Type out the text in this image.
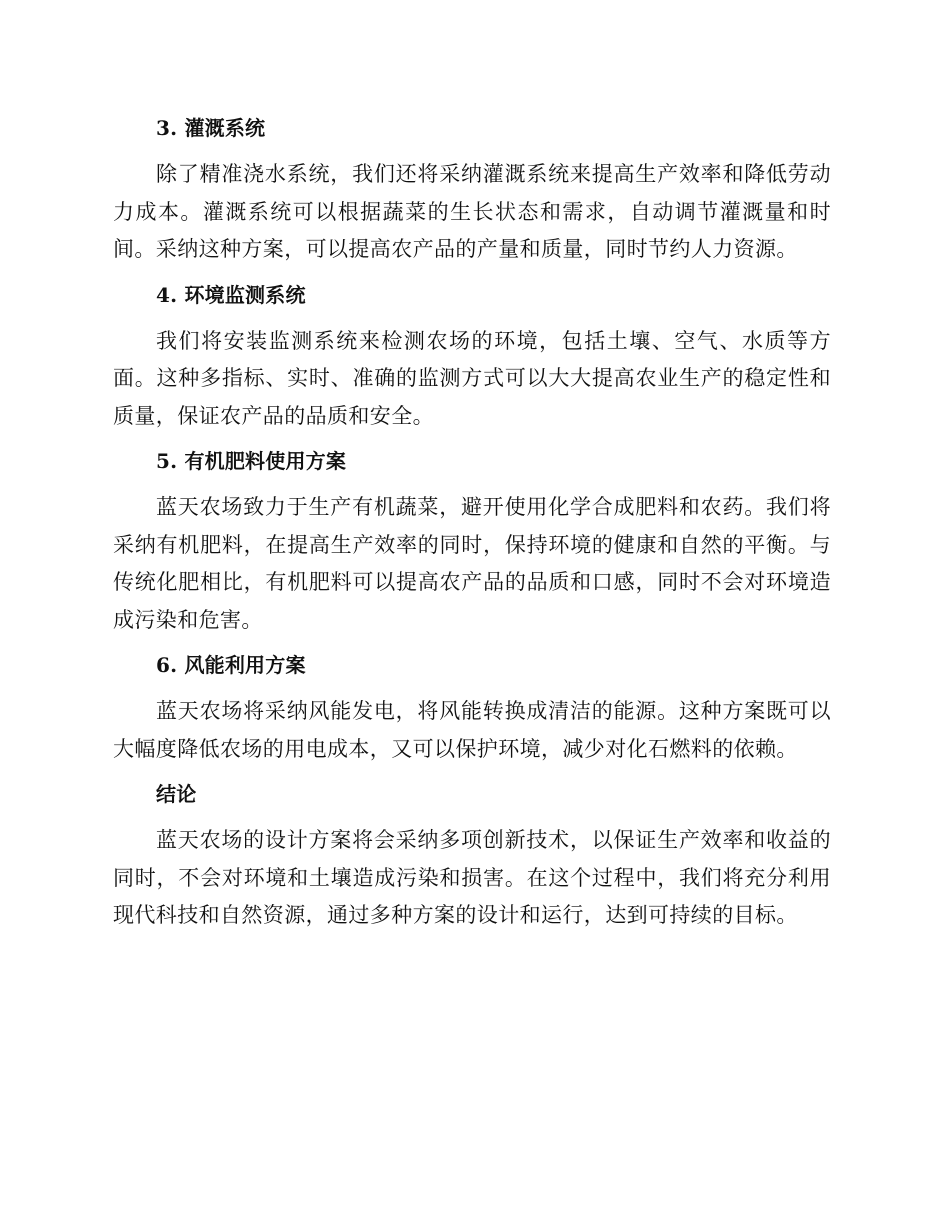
3. 灌溉系统

除了精准浇水系统，我们还将采纳灌溉系统来提高生产效率和降低劳动力成本。灌溉系统可以根据蔬菜的生长状态和需求，自动调节灌溉量和时间。采纳这种方案，可以提高农产品的产量和质量，同时节约人力资源。

4. 环境监测系统

我们将安装监测系统来检测农场的环境，包括土壤、空气、水质等方面。这种多指标、实时、准确的监测方式可以大大提高农业生产的稳定性和质量，保证农产品的品质和安全。

5. 有机肥料使用方案

蓝天农场致力于生产有机蔬菜，避开使用化学合成肥料和农药。我们将采纳有机肥料，在提高生产效率的同时，保持环境的健康和自然的平衡。与传统化肥相比，有机肥料可以提高农产品的品质和口感，同时不会对环境造成污染和危害。

6. 风能利用方案

蓝天农场将采纳风能发电，将风能转换成清洁的能源。这种方案既可以大幅度降低农场的用电成本，又可以保护环境，减少对化石燃料的依赖。

结论

蓝天农场的设计方案将会采纳多项创新技术，以保证生产效率和收益的同时，不会对环境和土壤造成污染和损害。在这个过程中，我们将充分利用现代科技和自然资源，通过多种方案的设计和运行，达到可持续的目标。
